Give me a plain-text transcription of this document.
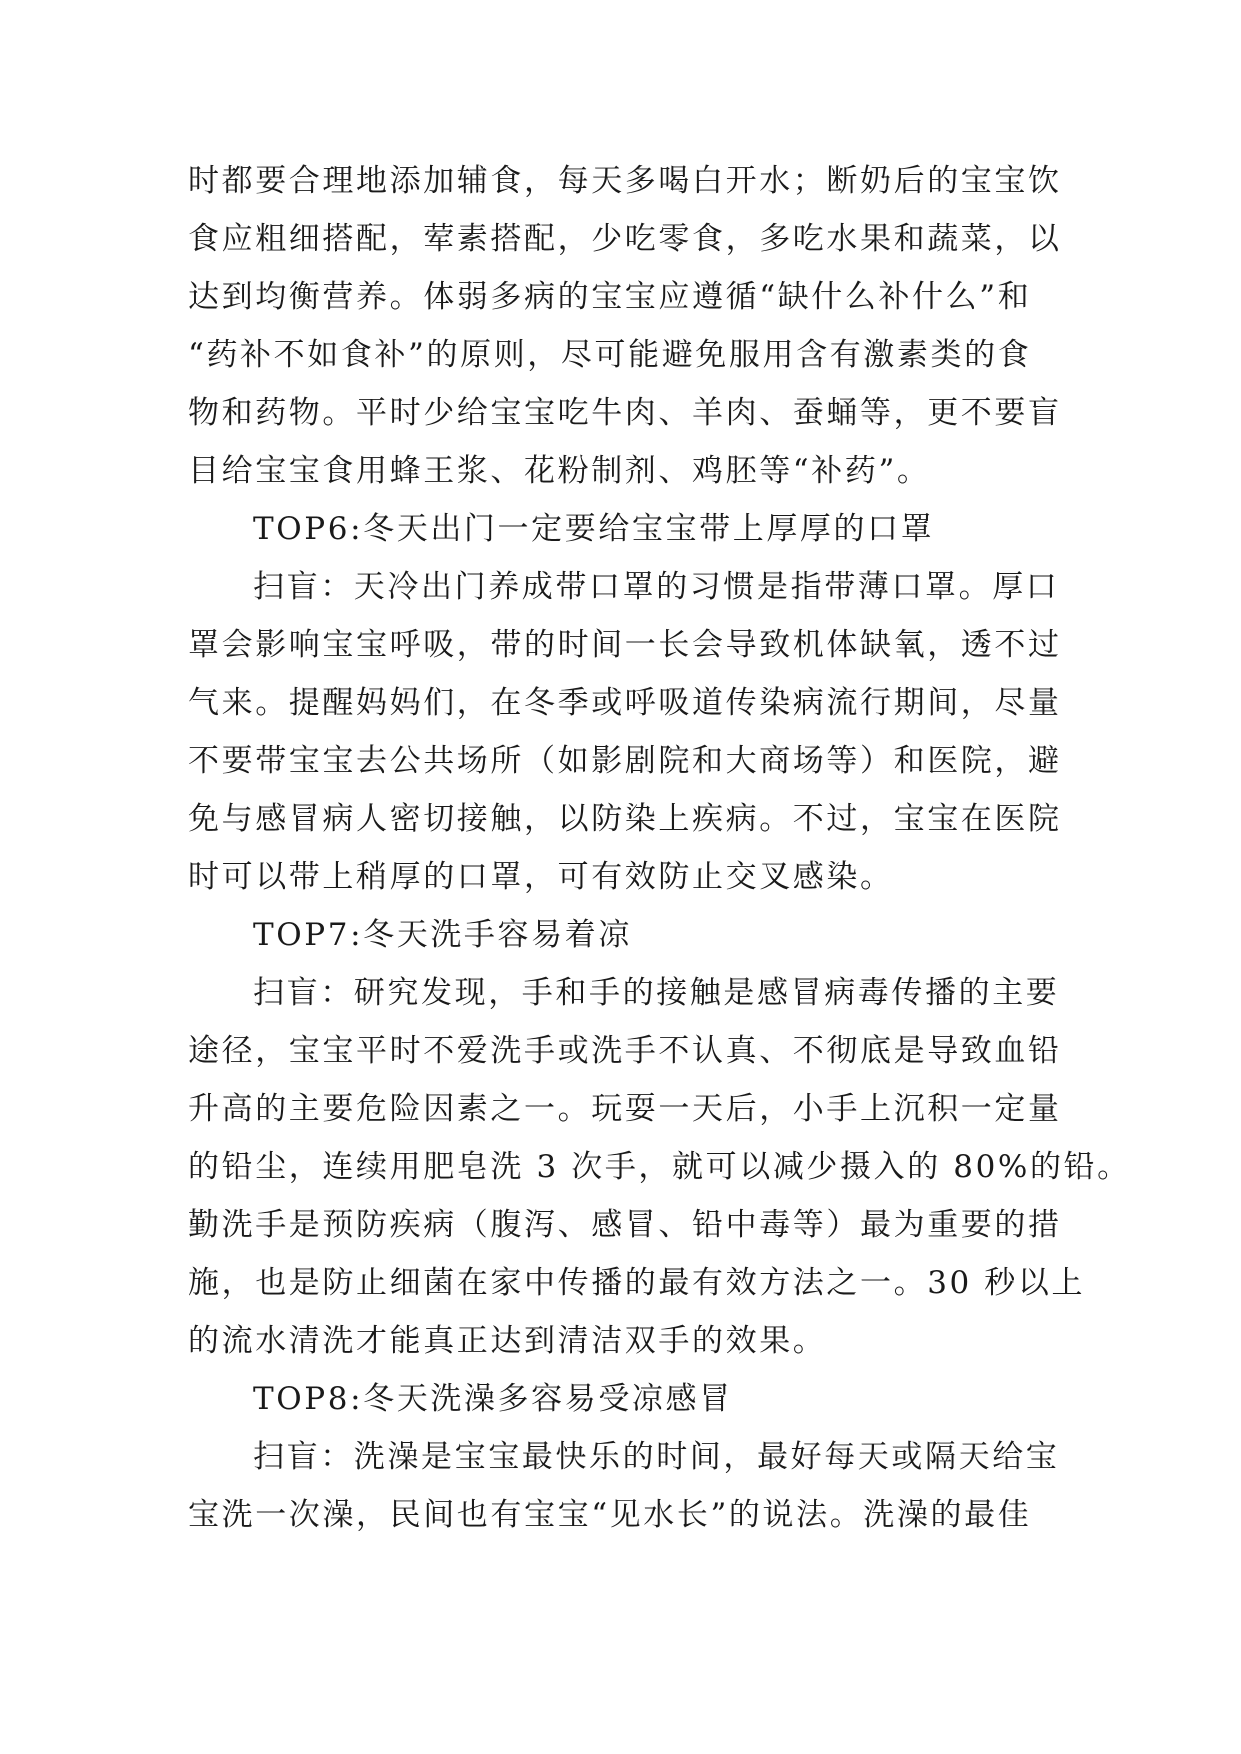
时都要合理地添加辅食，每天多喝白开水；断奶后的宝宝饮
食应粗细搭配，荤素搭配，少吃零食，多吃水果和蔬菜，以
达到均衡营养。体弱多病的宝宝应遵循“缺什么补什么”和
“药补不如食补”的原则，尽可能避免服用含有激素类的食
物和药物。平时少给宝宝吃牛肉、羊肉、蚕蛹等，更不要盲
目给宝宝食用蜂王浆、花粉制剂、鸡胚等“补药”。
TOP6:冬天出门一定要给宝宝带上厚厚的口罩
扫盲：天冷出门养成带口罩的习惯是指带薄口罩。厚口
罩会影响宝宝呼吸，带的时间一长会导致机体缺氧，透不过
气来。提醒妈妈们，在冬季或呼吸道传染病流行期间，尽量
不要带宝宝去公共场所（如影剧院和大商场等）和医院，避
免与感冒病人密切接触，以防染上疾病。不过，宝宝在医院
时可以带上稍厚的口罩，可有效防止交叉感染。
TOP7:冬天洗手容易着凉
扫盲：研究发现，手和手的接触是感冒病毒传播的主要
途径，宝宝平时不爱洗手或洗手不认真、不彻底是导致血铅
升高的主要危险因素之一。玩耍一天后，小手上沉积一定量
的铅尘，连续用肥皂洗 3 次手，就可以减少摄入的 80%的铅。
勤洗手是预防疾病（腹泻、感冒、铅中毒等）最为重要的措
施，也是防止细菌在家中传播的最有效方法之一。30 秒以上
的流水清洗才能真正达到清洁双手的效果。
TOP8:冬天洗澡多容易受凉感冒
扫盲：洗澡是宝宝最快乐的时间，最好每天或隔天给宝
宝洗一次澡，民间也有宝宝“见水长”的说法。洗澡的最佳
